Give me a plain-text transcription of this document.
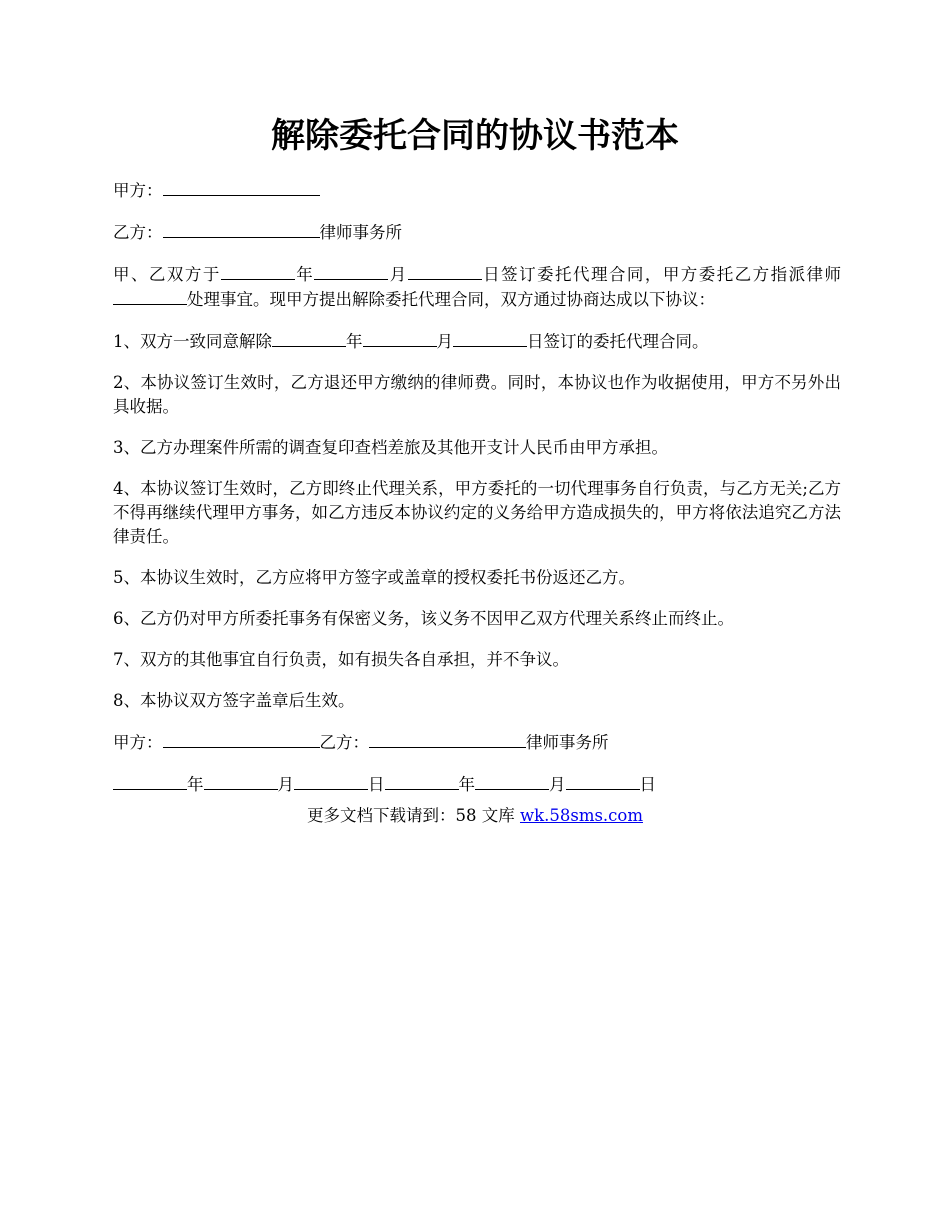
解除委托合同的协议书范本

甲方：

乙方：	律师事务所

甲、乙双方于	年	月	日签订委托代理合同，甲方委托乙方指派律师处理事宜。现甲方提出解除委托代理合同，双方通过协商达成以下协议：

1、双方一致同意解除	年	月	日签订的委托代理合同。

2、本协议签订生效时，乙方退还甲方缴纳的律师费。同时，本协议也作为收据使用，甲方不另外出具收据。

3、乙方办理案件所需的调查复印查档差旅及其他开支计人民币由甲方承担。

4、本协议签订生效时，乙方即终止代理关系，甲方委托的一切代理事务自行负责，与乙方无关;乙方不得再继续代理甲方事务，如乙方违反本协议约定的义务给甲方造成损失的，甲方将依法追究乙方法律责任。

5、本协议生效时，乙方应将甲方签字或盖章的授权委托书份返还乙方。

6、乙方仍对甲方所委托事务有保密义务，该义务不因甲乙双方代理关系终止而终止。

7、双方的其他事宜自行负责，如有损失各自承担，并不争议。

8、本协议双方签字盖章后生效。

甲方：	乙方：	律师事务所

年	月	日	年	月	日

更多文档下载请到：58 文库 wk.58sms.com
